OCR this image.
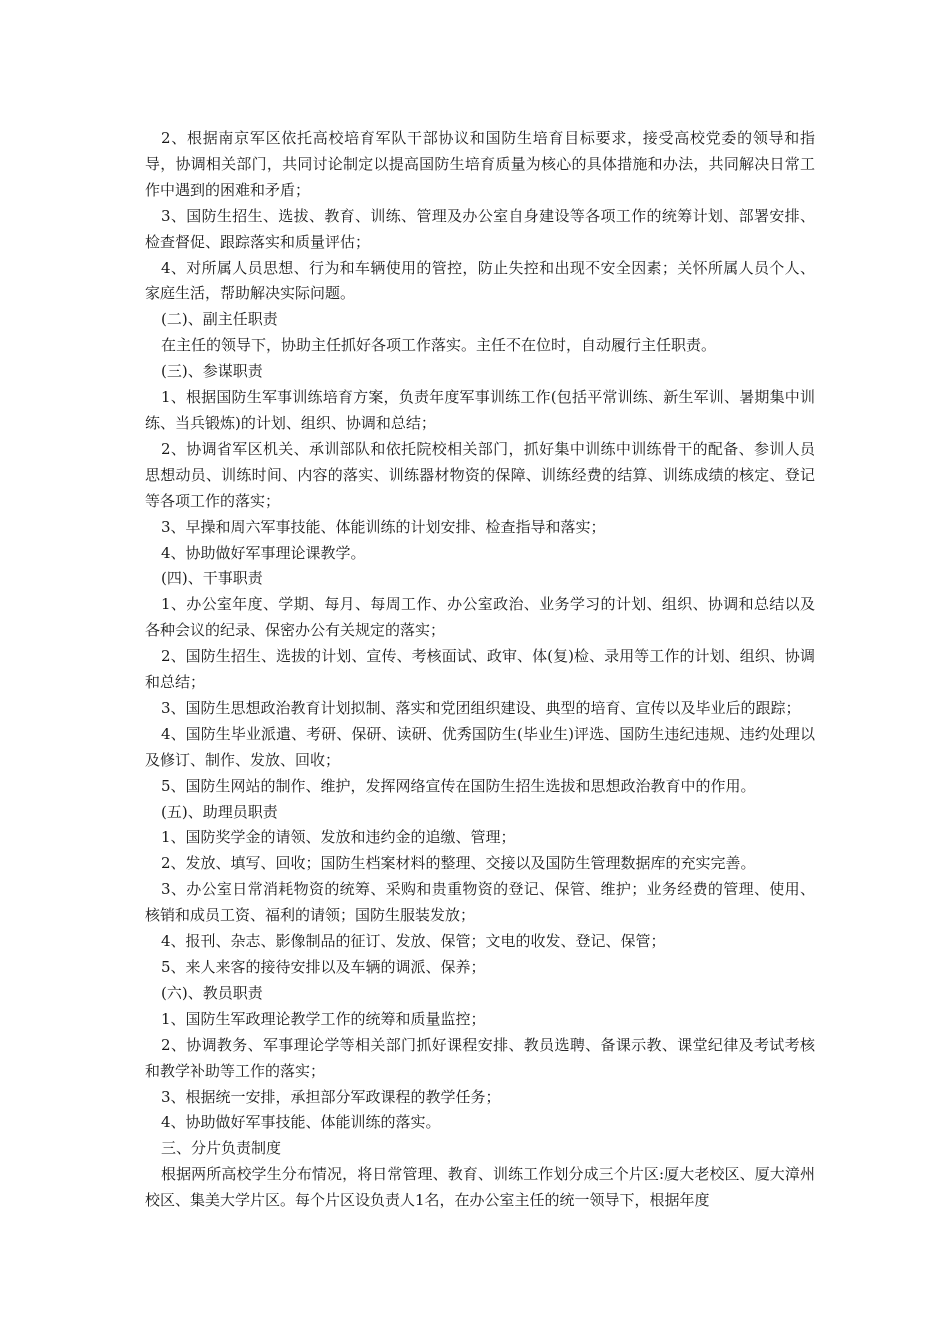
2、根据南京军区依托高校培育军队干部协议和国防生培育目标要求，接受高校党委的领导和指导，协调相关部门，共同讨论制定以提高国防生培育质量为核心的具体措施和办法，共同解决日常工作中遇到的困难和矛盾；

3、国防生招生、选拔、教育、训练、管理及办公室自身建设等各项工作的统筹计划、部署安排、检查督促、跟踪落实和质量评估；

4、对所属人员思想、行为和车辆使用的管控，防止失控和出现不安全因素；关怀所属人员个人、家庭生活，帮助解决实际问题。

(二)、副主任职责

在主任的领导下，协助主任抓好各项工作落实。主任不在位时，自动履行主任职责。

(三)、参谋职责

1、根据国防生军事训练培育方案，负责年度军事训练工作(包括平常训练、新生军训、暑期集中训练、当兵锻炼)的计划、组织、协调和总结；

2、协调省军区机关、承训部队和依托院校相关部门，抓好集中训练中训练骨干的配备、参训人员思想动员、训练时间、内容的落实、训练器材物资的保障、训练经费的结算、训练成绩的核定、登记等各项工作的落实；

3、早操和周六军事技能、体能训练的计划安排、检查指导和落实；

4、协助做好军事理论课教学。

(四)、干事职责

1、办公室年度、学期、每月、每周工作、办公室政治、业务学习的计划、组织、协调和总结以及各种会议的纪录、保密办公有关规定的落实；

2、国防生招生、选拔的计划、宣传、考核面试、政审、体(复)检、录用等工作的计划、组织、协调和总结；

3、国防生思想政治教育计划拟制、落实和党团组织建设、典型的培育、宣传以及毕业后的跟踪；

4、国防生毕业派遣、考研、保研、读研、优秀国防生(毕业生)评选、国防生违纪违规、违约处理以及修订、制作、发放、回收；

5、国防生网站的制作、维护，发挥网络宣传在国防生招生选拔和思想政治教育中的作用。

(五)、助理员职责

1、国防奖学金的请领、发放和违约金的追缴、管理；

2、发放、填写、回收；国防生档案材料的整理、交接以及国防生管理数据库的充实完善。

3、办公室日常消耗物资的统筹、采购和贵重物资的登记、保管、维护；业务经费的管理、使用、核销和成员工资、福利的请领；国防生服装发放；

4、报刊、杂志、影像制品的征订、发放、保管；文电的收发、登记、保管；

5、来人来客的接待安排以及车辆的调派、保养；

(六)、教员职责

1、国防生军政理论教学工作的统筹和质量监控；

2、协调教务、军事理论学等相关部门抓好课程安排、教员选聘、备课示教、课堂纪律及考试考核和教学补助等工作的落实；

3、根据统一安排，承担部分军政课程的教学任务；

4、协助做好军事技能、体能训练的落实。

三、分片负责制度

根据两所高校学生分布情况，将日常管理、教育、训练工作划分成三个片区:厦大老校区、厦大漳州校区、集美大学片区。每个片区设负责人1名，在办公室主任的统一领导下，根据年度
